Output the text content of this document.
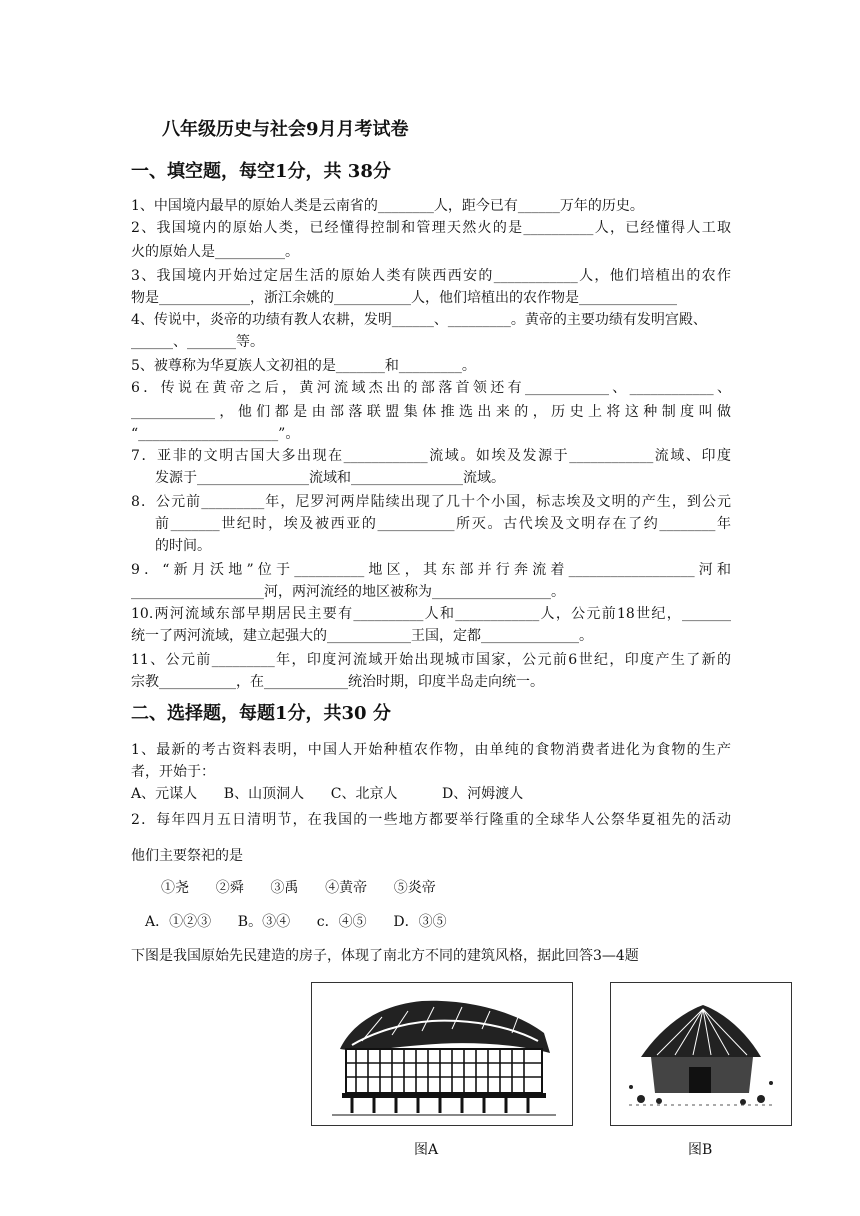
八年级历史与社会9月月考试卷
一、填空题，每空1分，共 38分
1、中国境内最早的原始人类是云南省的________人，距今已有______万年的历史。
2、我国境内的原始人类，已经懂得控制和管理天然火的是__________人，已经懂得人工取
火的原始人是__________。
3、我国境内开始过定居生活的原始人类有陕西西安的____________人，他们培植出的农作
物是_____________，浙江余姚的___________人，他们培植出的农作物是______________
4、传说中，炎帝的功绩有教人农耕，发明______、_________。黄帝的主要功绩有发明宫殿、
______、_______等。
5、被尊称为华夏族人文初祖的是_______和_________。
6．传说在黄帝之后，黄河流域杰出的部落首领还有____________、____________、
____________，他们都是由部落联盟集体推选出来的，历史上将这种制度叫做
“____________________”。
7．亚非的文明古国大多出现在____________流域。如埃及发源于____________流域、印度
发源于________________流域和________________流域。
8．公元前_________年，尼罗河两岸陆续出现了几十个小国，标志埃及文明的产生，到公元
前_______世纪时，埃及被西亚的___________所灭。古代埃及文明存在了约________年
的时间。
9．“新月沃地”位于__________地区，其东部并行奔流着__________________河和
___________________河，两河流经的地区被称为_________________。
10.两河流域东部早期居民主要有__________人和____________人，公元前18世纪，_______
统一了两河流域，建立起强大的____________王国，定都______________。
11、公元前_________年，印度河流域开始出现城市国家，公元前6世纪，印度产生了新的
宗教___________，在____________统治时期，印度半岛走向统一。
二、选择题，每题1分，共30 分
1、最新的考古资料表明，中国人开始种植农作物，由单纯的食物消费者进化为食物的生产
者，开始于：
A、元谋人      B、山顶洞人      C、北京人          D、河姆渡人
2．每年四月五日清明节，在我国的一些地方都要举行隆重的全球华人公祭华夏祖先的活动
他们主要祭祀的是
①尧      ②舜      ③禹      ④黄帝      ⑤炎帝
A．①②③      B。③④      c．④⑤      D．③⑤
下图是我国原始先民建造的房子，体现了南北方不同的建筑风格，据此回答3—4题
图A	图B
